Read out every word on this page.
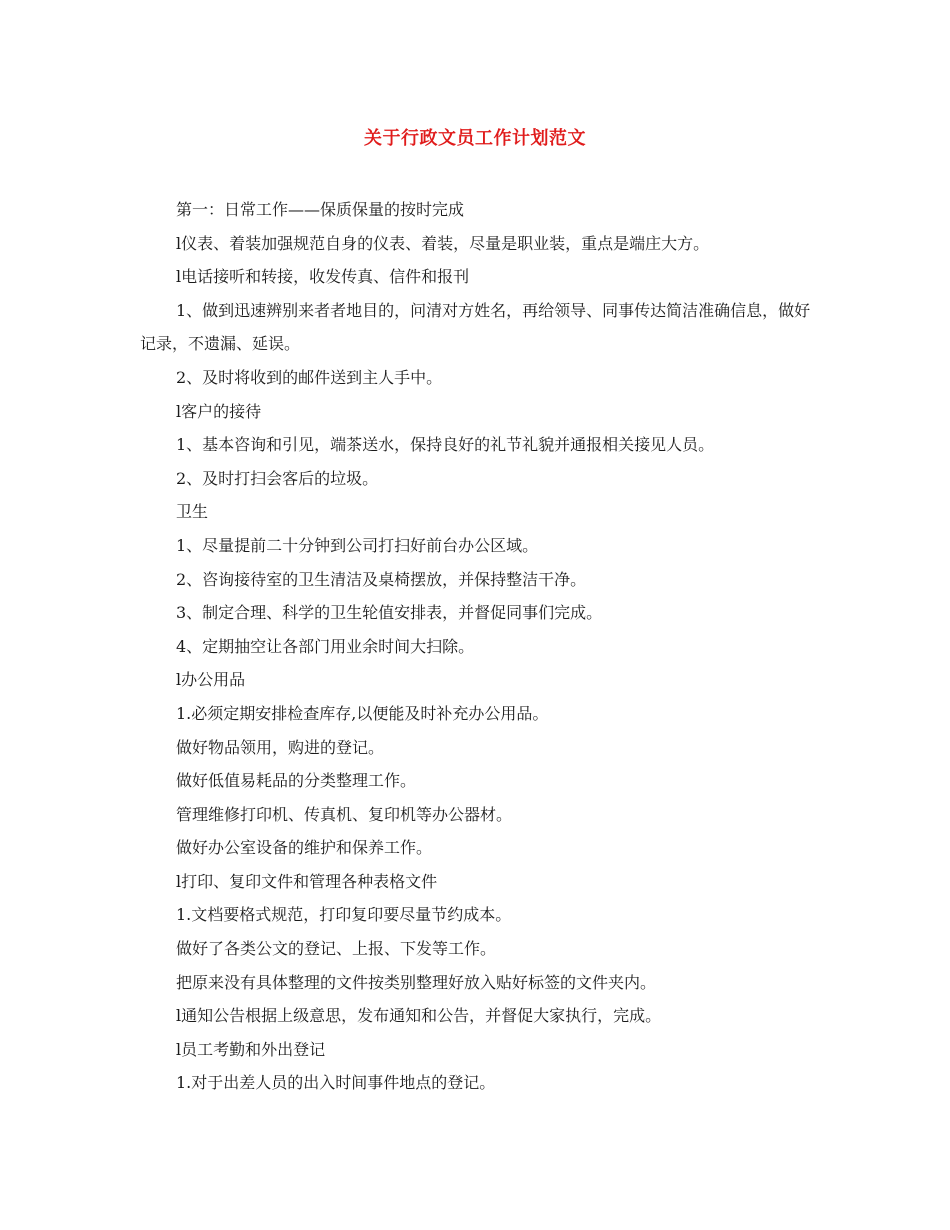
关于行政文员工作计划范文

第一：日常工作——保质保量的按时完成

l仪表、着装加强规范自身的仪表、着装，尽量是职业装，重点是端庄大方。

l电话接听和转接，收发传真、信件和报刊

1、做到迅速辨别来者者地目的，问清对方姓名，再给领导、同事传达简洁准确信息，做好记录，不遗漏、延误。

2、及时将收到的邮件送到主人手中。

l客户的接待

1、基本咨询和引见，端茶送水，保持良好的礼节礼貌并通报相关接见人员。

2、及时打扫会客后的垃圾。

卫生

1、尽量提前二十分钟到公司打扫好前台办公区域。

2、咨询接待室的卫生清洁及桌椅摆放，并保持整洁干净。

3、制定合理、科学的卫生轮值安排表，并督促同事们完成。

4、定期抽空让各部门用业余时间大扫除。

l办公用品

1.必须定期安排检查库存,以便能及时补充办公用品。

做好物品领用，购进的登记。

做好低值易耗品的分类整理工作。

管理维修打印机、传真机、复印机等办公器材。

做好办公室设备的维护和保养工作。

l打印、复印文件和管理各种表格文件

1.文档要格式规范，打印复印要尽量节约成本。

做好了各类公文的登记、上报、下发等工作。

把原来没有具体整理的文件按类别整理好放入贴好标签的文件夹内。

l通知公告根据上级意思，发布通知和公告，并督促大家执行，完成。

l员工考勤和外出登记

1.对于出差人员的出入时间事件地点的登记。
